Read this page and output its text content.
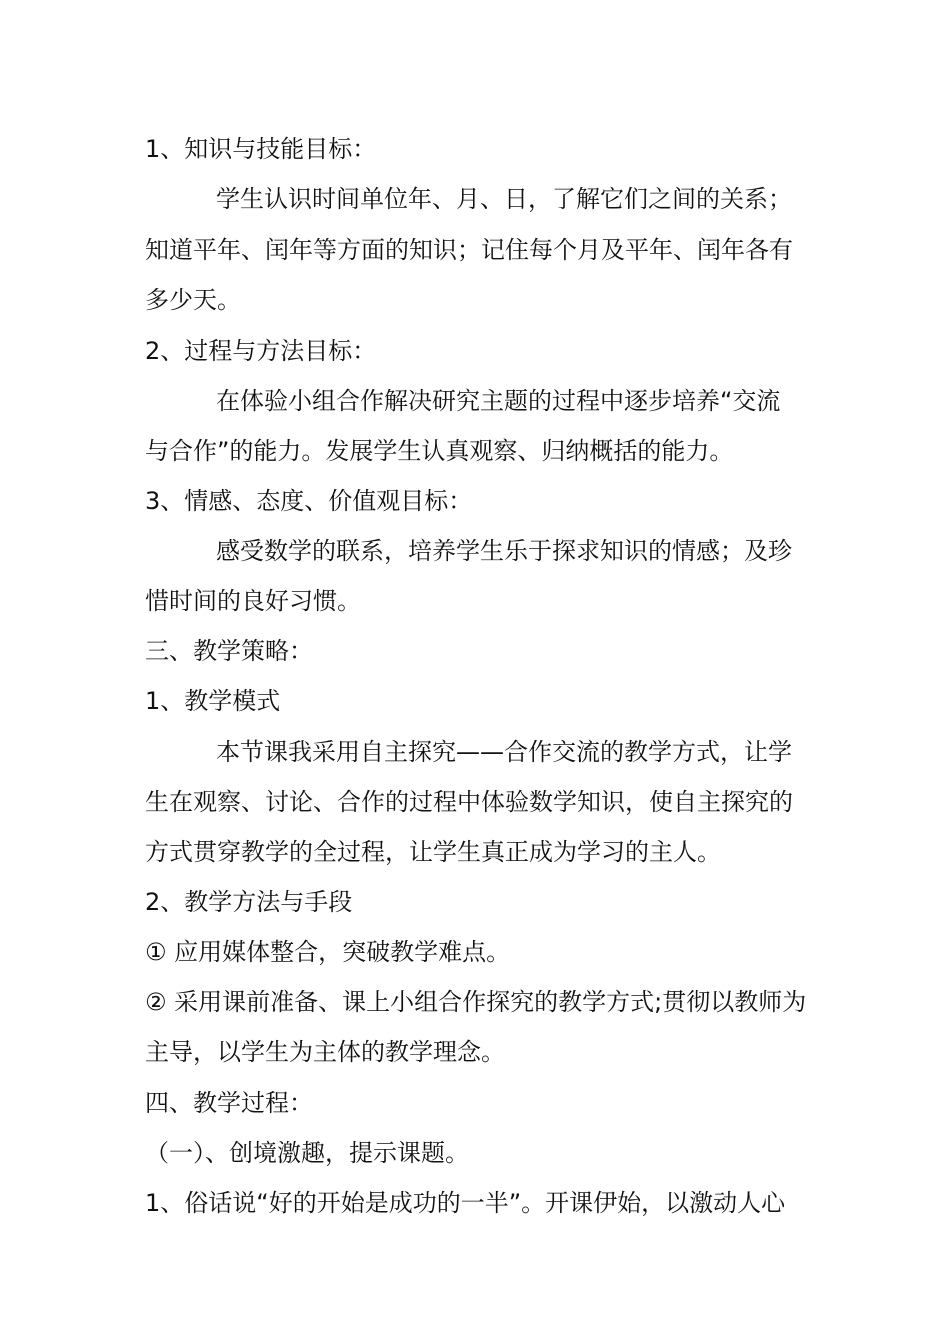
1、知识与技能目标：

学生认识时间单位年、月、日，了解它们之间的关系；

知道平年、闰年等方面的知识；记住每个月及平年、闰年各有

多少天。

2、过程与方法目标：

在体验小组合作解决研究主题的过程中逐步培养“交流

与合作”的能力。发展学生认真观察、归纳概括的能力。

3、情感、态度、价值观目标：

感受数学的联系，培养学生乐于探求知识的情感；及珍

惜时间的良好习惯。

三、教学策略：

1、教学模式

本节课我采用自主探究——合作交流的教学方式，让学

生在观察、讨论、合作的过程中体验数学知识，使自主探究的

方式贯穿教学的全过程，让学生真正成为学习的主人。

2、教学方法与手段

① 应用媒体整合，突破教学难点。

② 采用课前准备、课上小组合作探究的教学方式;贯彻以教师为

主导，以学生为主体的教学理念。

四、教学过程：

（一）、创境激趣，提示课题。

1、俗话说“好的开始是成功的一半”。开课伊始，以激动人心
